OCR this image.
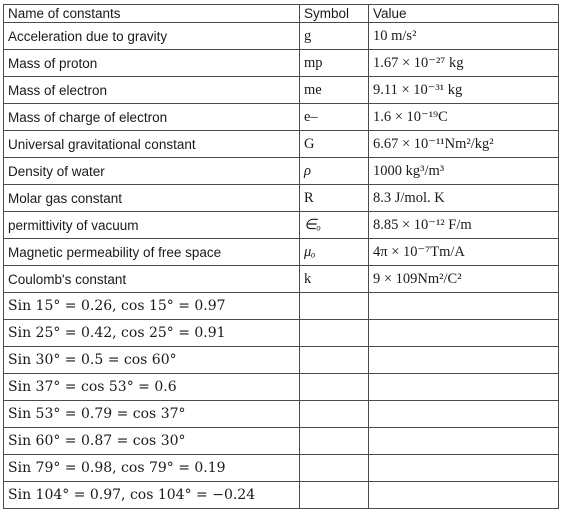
Name of constants	Symbol	Value
Acceleration due to gravity	g	10 m/s²
Mass of proton	mp	1.67 × 10⁻²⁷ kg
Mass of electron	me	9.11 × 10⁻³¹ kg
Mass of charge of electron	e–	1.6 × 10⁻¹⁹C
Universal gravitational constant	G	6.67 × 10⁻¹¹Nm²/kg²
Density of water	ρ	1000 kg³/m³
Molar gas constant	R	8.3 J/mol. K
permittivity of vacuum	∈ₒ	8.85 × 10⁻¹² F/m
Magnetic permeability of free space	μₒ	4π × 10⁻⁷Tm/A
Coulomb's constant	k	9 × 109Nm²/C²
Sin 15° = 0.26, cos 15° = 0.97		
Sin 25° = 0.42, cos 25° = 0.91		
Sin 30° = 0.5 = cos 60°		
Sin 37° = cos 53° = 0.6		
Sin 53° = 0.79 = cos 37°		
Sin 60° = 0.87 = cos 30°		
Sin 79° = 0.98, cos 79° = 0.19		
Sin 104° = 0.97, cos 104° = −0.24		
